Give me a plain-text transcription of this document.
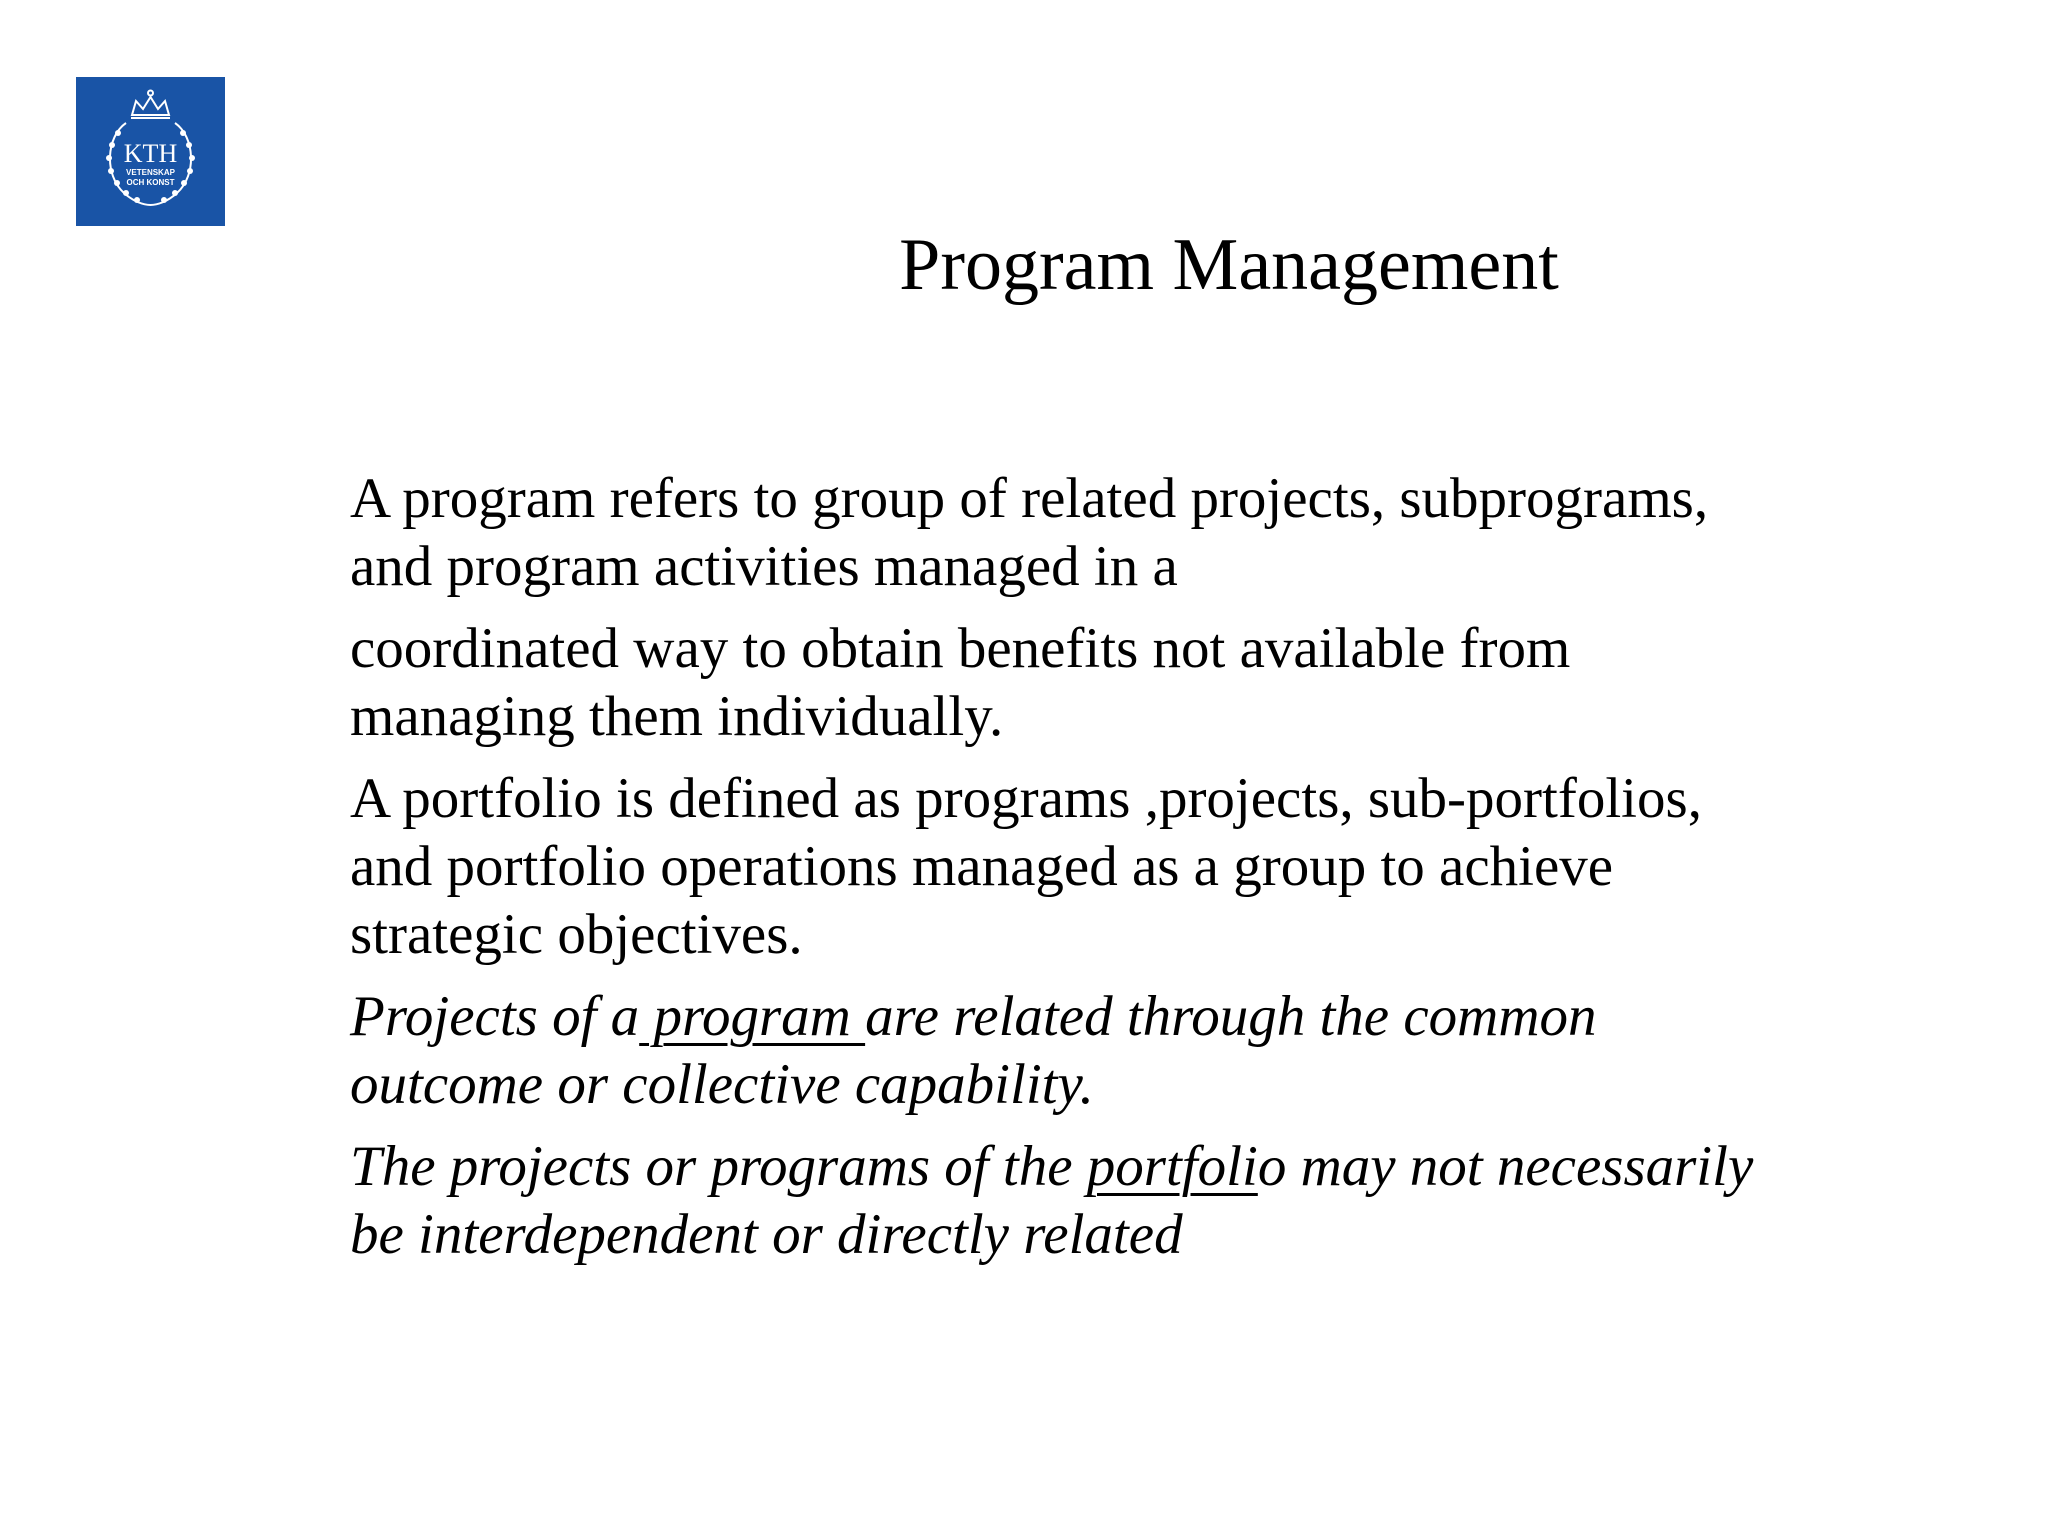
KTH
VETENSKAP
OCH KONST
Program Management

A program refers to group of related projects, subprograms,
and program activities managed in a

coordinated way to obtain benefits not available from
managing them individually.

A portfolio is defined as programs ,projects, sub-portfolios,
and portfolio operations managed as a group to achieve
strategic objectives.

Projects of a program are related through the common
outcome or collective capability.

The projects or programs of the portfolio may not necessarily
be interdependent or directly related
